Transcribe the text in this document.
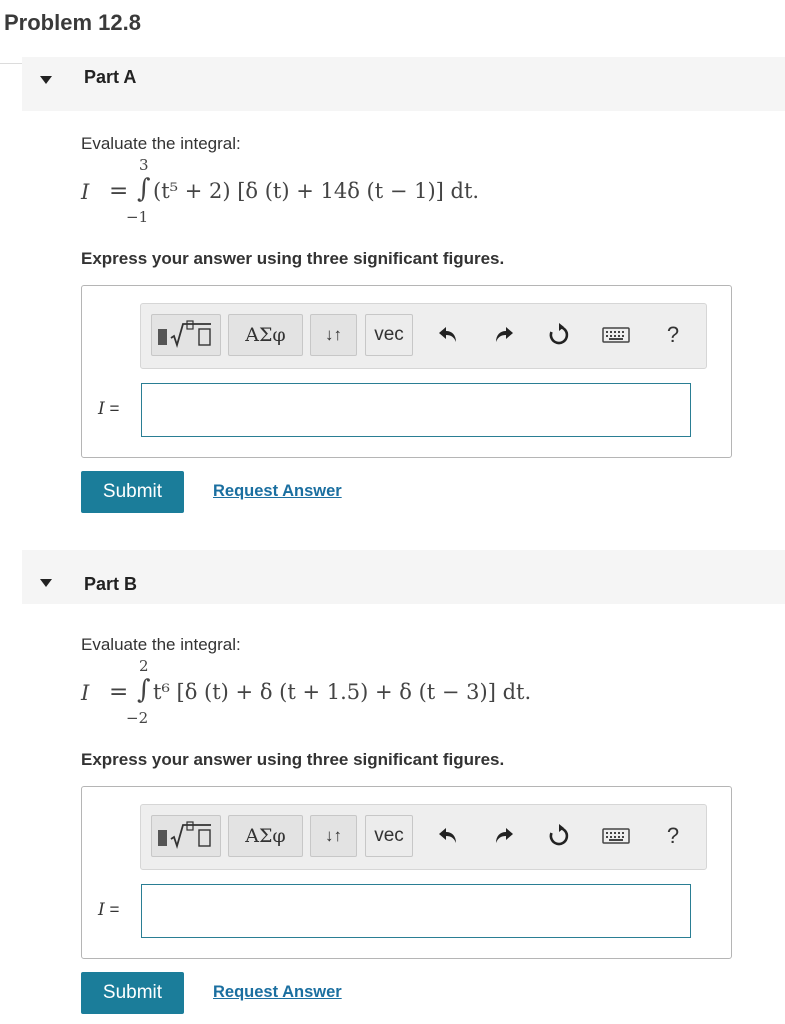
Problem 12.8
Part A
Evaluate the integral:
I =
3
−1
∫ (t⁵ + 2) [δ (t) + 14δ (t − 1)] dt.
Express your answer using three significant figures.
ΑΣφ	↓↑	vec	?
I =
Submit	Request Answer
Part B
Evaluate the integral:
I =
2
−2
∫ t⁶ [δ (t) + δ (t + 1.5) + δ (t − 3)] dt.
Express your answer using three significant figures.
ΑΣφ	↓↑	vec	?
I =
Submit	Request Answer
